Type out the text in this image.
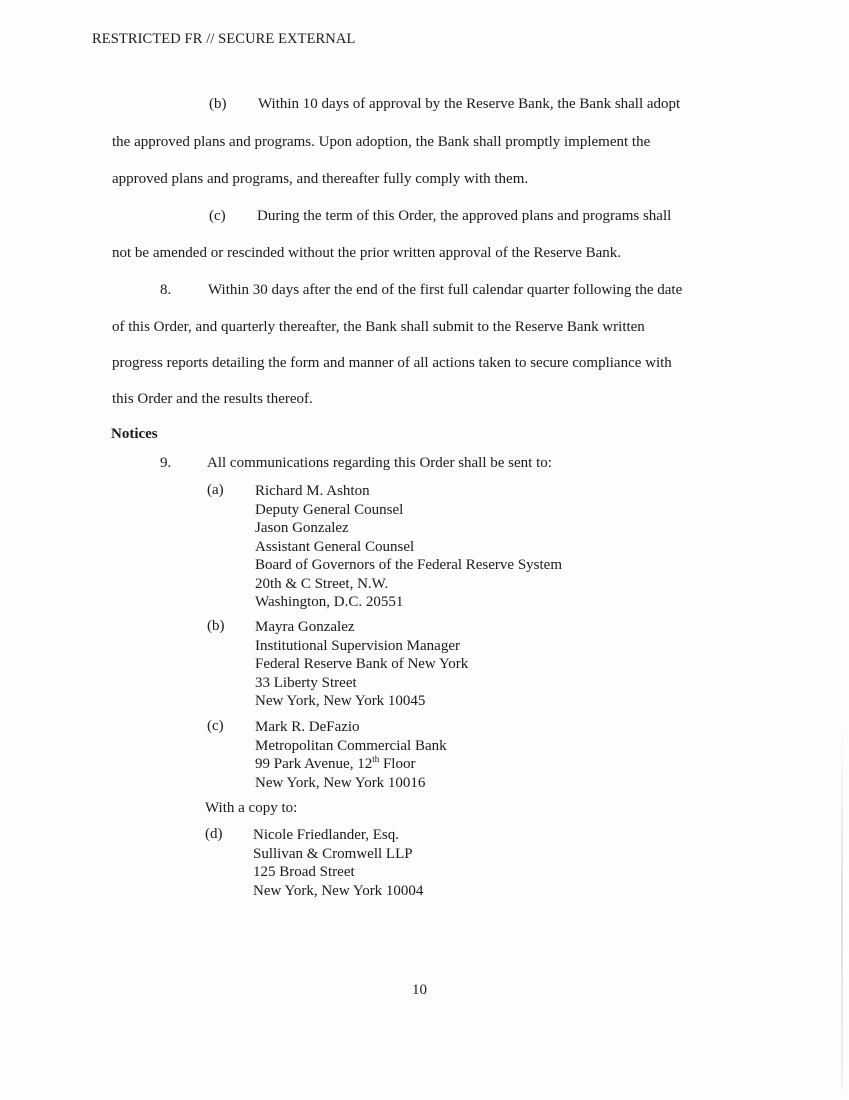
RESTRICTED FR // SECURE EXTERNAL
(b) Within 10 days of approval by the Reserve Bank, the Bank shall adopt
the approved plans and programs. Upon adoption, the Bank shall promptly implement the
approved plans and programs, and thereafter fully comply with them.
(c) During the term of this Order, the approved plans and programs shall
not be amended or rescinded without the prior written approval of the Reserve Bank.
8. Within 30 days after the end of the first full calendar quarter following the date
of this Order, and quarterly thereafter, the Bank shall submit to the Reserve Bank written
progress reports detailing the form and manner of all actions taken to secure compliance with
this Order and the results thereof.
Notices
9. All communications regarding this Order shall be sent to:
(a) Richard M. Ashton
Deputy General Counsel
Jason Gonzalez
Assistant General Counsel
Board of Governors of the Federal Reserve System
20th & C Street, N.W.
Washington, D.C. 20551
(b) Mayra Gonzalez
Institutional Supervision Manager
Federal Reserve Bank of New York
33 Liberty Street
New York, New York 10045
(c) Mark R. DeFazio
Metropolitan Commercial Bank
99 Park Avenue, 12th Floor
New York, New York 10016
With a copy to:
(d) Nicole Friedlander, Esq.
Sullivan & Cromwell LLP
125 Broad Street
New York, New York 10004
10
